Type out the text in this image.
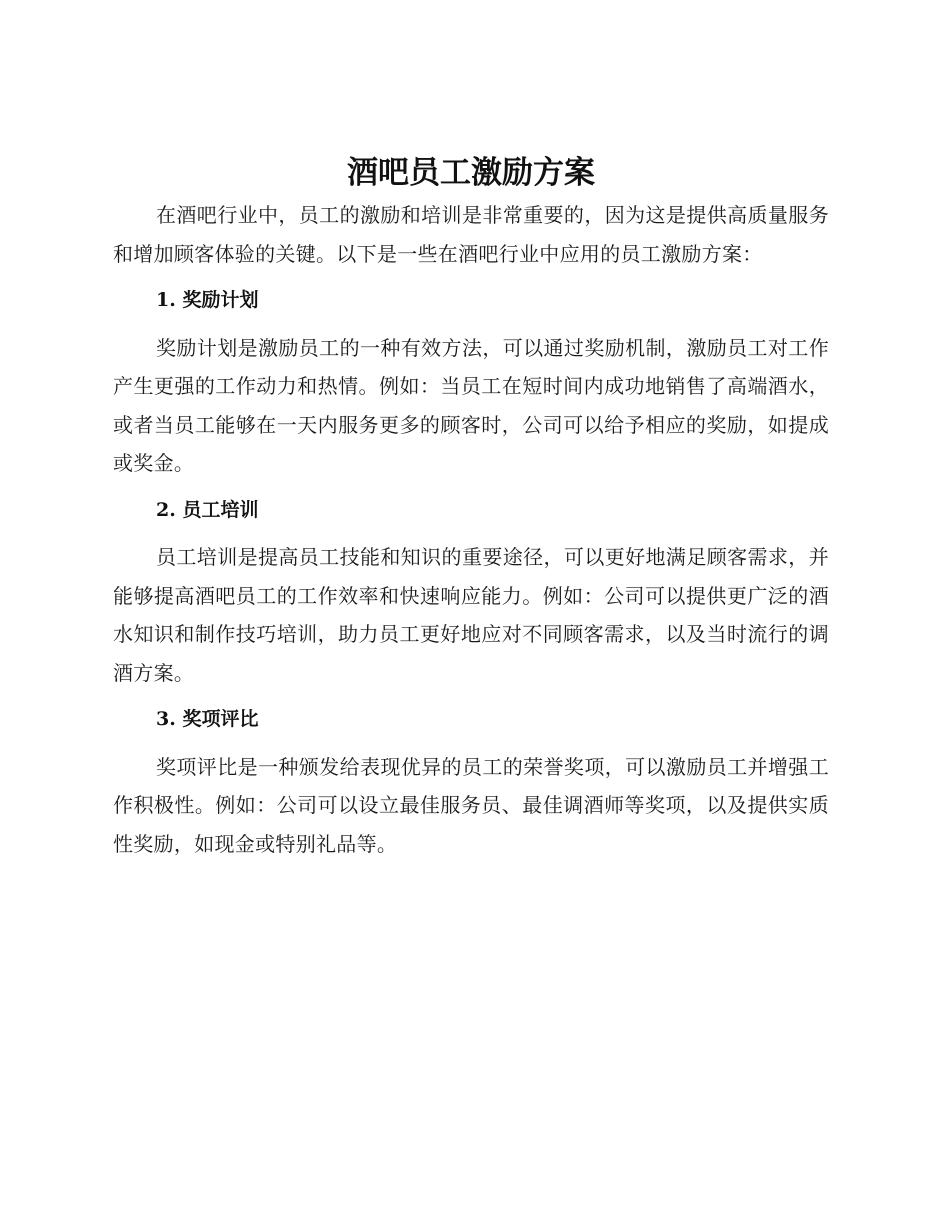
酒吧员工激励方案

在酒吧行业中，员工的激励和培训是非常重要的，因为这是提供高质量服务和增加顾客体验的关键。以下是一些在酒吧行业中应用的员工激励方案：

1. 奖励计划

奖励计划是激励员工的一种有效方法，可以通过奖励机制，激励员工对工作产生更强的工作动力和热情。例如：当员工在短时间内成功地销售了高端酒水，或者当员工能够在一天内服务更多的顾客时，公司可以给予相应的奖励，如提成或奖金。

2. 员工培训

员工培训是提高员工技能和知识的重要途径，可以更好地满足顾客需求，并能够提高酒吧员工的工作效率和快速响应能力。例如：公司可以提供更广泛的酒水知识和制作技巧培训，助力员工更好地应对不同顾客需求，以及当时流行的调酒方案。

3. 奖项评比

奖项评比是一种颁发给表现优异的员工的荣誉奖项，可以激励员工并增强工作积极性。例如：公司可以设立最佳服务员、最佳调酒师等奖项，以及提供实质性奖励，如现金或特别礼品等。
